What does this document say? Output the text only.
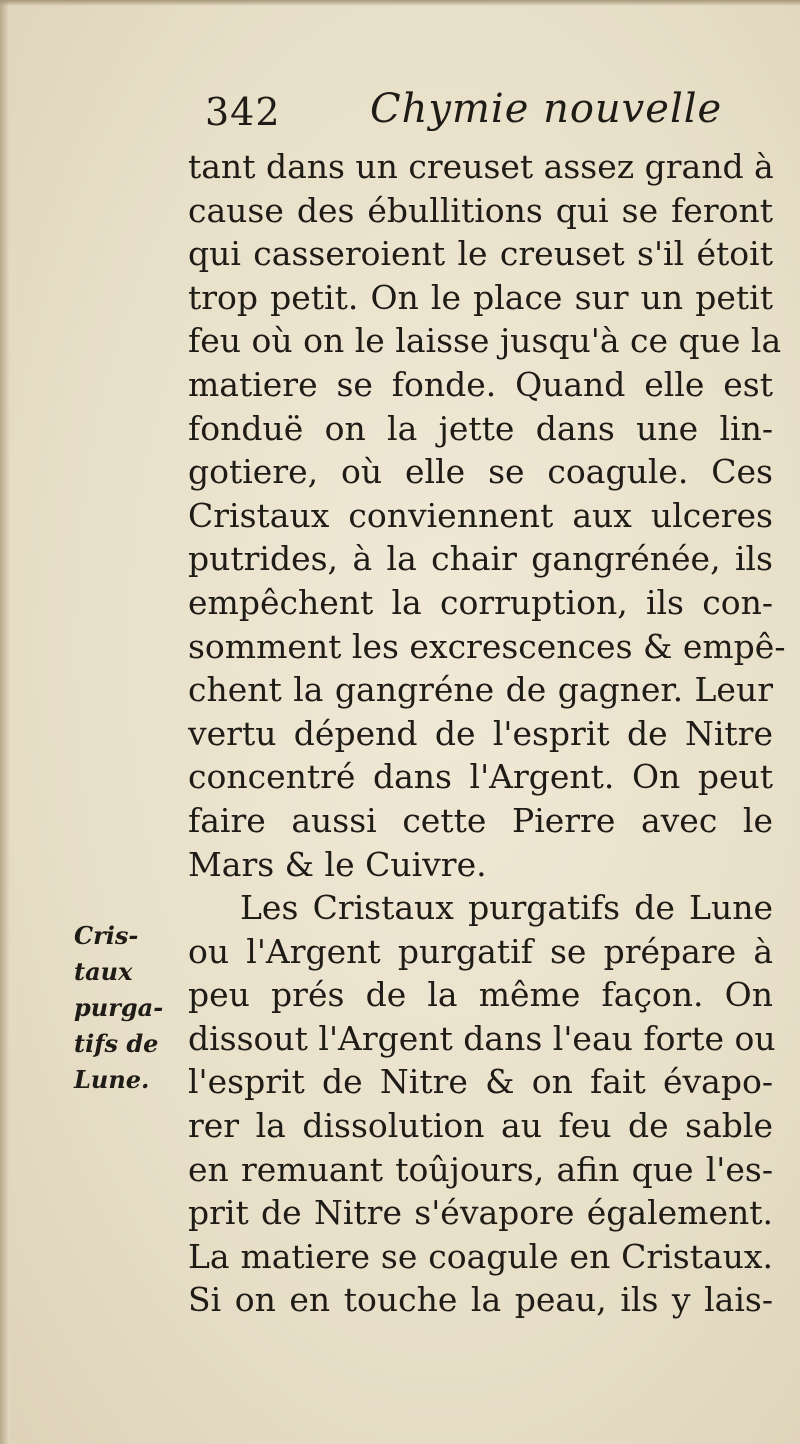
342 Chymie nouvelle
Cris-
taux
purga-
tifs de
Lune.
tant dans un creuset assez grand à
cause des ébullitions qui se feront
qui casseroient le creuset s'il étoit
trop petit. On le place sur un petit
feu où on le laisse jusqu'à ce que la
matiere se fonde. Quand elle est
fonduë on la jette dans une lin-
gotiere, où elle se coagule. Ces
Cristaux conviennent aux ulceres
putrides, à la chair gangrénée, ils
empêchent la corruption, ils con-
somment les excrescences & empê-
chent la gangréne de gagner. Leur
vertu dépend de l'esprit de Nitre
concentré dans l'Argent. On peut
faire aussi cette Pierre avec le
Mars & le Cuivre.
Les Cristaux purgatifs de Lune
ou l'Argent purgatif se prépare à
peu prés de la même façon. On
dissout l'Argent dans l'eau forte ou
l'esprit de Nitre & on fait évapo-
rer la dissolution au feu de sable
en remuant toûjours, afin que l'es-
prit de Nitre s'évapore également.
La matiere se coagule en Cristaux.
Si on en touche la peau, ils y lais-
